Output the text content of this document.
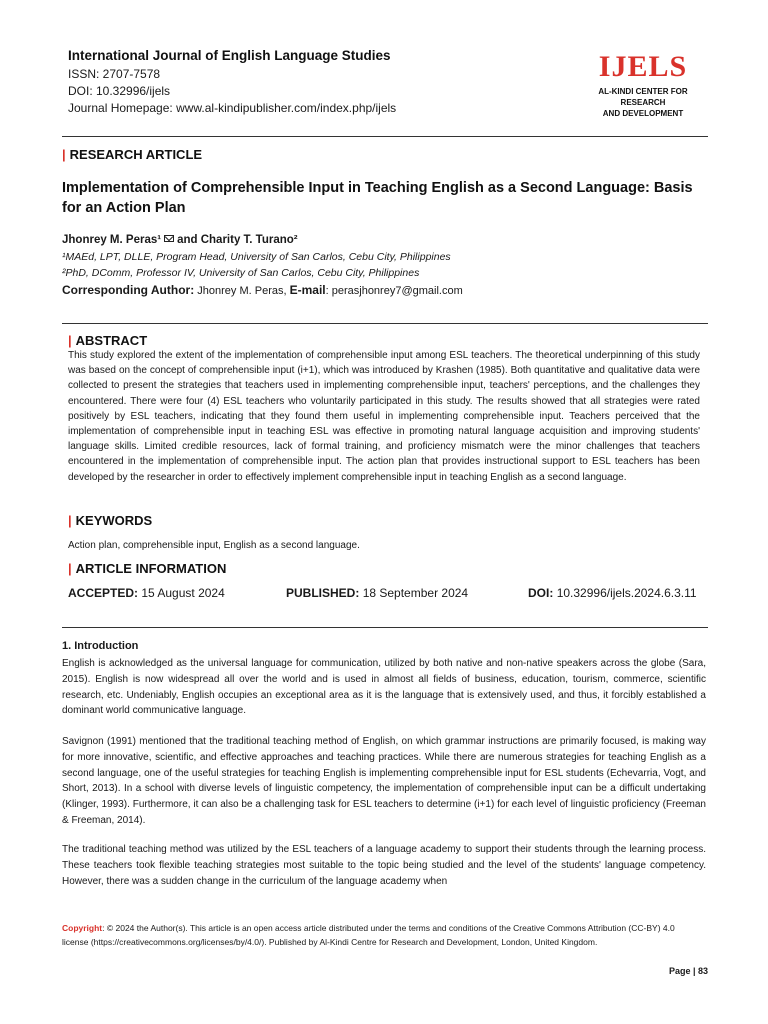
International Journal of English Language Studies
ISSN: 2707-7578
DOI: 10.32996/ijels
Journal Homepage: www.al-kindipublisher.com/index.php/ijels
IJELS
AL-KINDI CENTER FOR RESEARCH
AND DEVELOPMENT
| RESEARCH ARTICLE
Implementation of Comprehensible Input in Teaching English as a Second Language: Basis for an Action Plan
Jhonrey M. Peras¹ and Charity T. Turano²
¹MAEd, LPT, DLLE, Program Head, University of San Carlos, Cebu City, Philippines
²PhD, DComm, Professor IV, University of San Carlos, Cebu City, Philippines
Corresponding Author: Jhonrey M. Peras, E-mail: perasjhonrey7@gmail.com
| ABSTRACT
This study explored the extent of the implementation of comprehensible input among ESL teachers. The theoretical underpinning of this study was based on the concept of comprehensible input (i+1), which was introduced by Krashen (1985). Both quantitative and qualitative data were collected to present the strategies that teachers used in implementing comprehensible input, teachers' perceptions, and the challenges they encountered. There were four (4) ESL teachers who voluntarily participated in this study. The results showed that all strategies were rated positively by ESL teachers, indicating that they found them useful in implementing comprehensible input. Teachers perceived that the implementation of comprehensible input in teaching ESL was effective in promoting natural language acquisition and improving students' language skills. Limited credible resources, lack of formal training, and proficiency mismatch were the minor challenges that teachers encountered in the implementation of comprehensible input. The action plan that provides instructional support to ESL teachers has been developed by the researcher in order to effectively implement comprehensible input in teaching English as a second language.
| KEYWORDS
Action plan, comprehensible input, English as a second language.
| ARTICLE INFORMATION
ACCEPTED: 15 August 2024	PUBLISHED: 18 September 2024	DOI: 10.32996/ijels.2024.6.3.11
1. Introduction
English is acknowledged as the universal language for communication, utilized by both native and non-native speakers across the globe (Sara, 2015). English is now widespread all over the world and is used in almost all fields of business, education, tourism, commerce, scientific research, etc. Undeniably, English occupies an exceptional area as it is the language that is extensively used, and thus, it forcibly established a dominant world communicative language.
Savignon (1991) mentioned that the traditional teaching method of English, on which grammar instructions are primarily focused, is making way for more innovative, scientific, and effective approaches and teaching practices. While there are numerous strategies for teaching English as a second language, one of the useful strategies for teaching English is implementing comprehensible input for ESL students (Echevarria, Vogt, and Short, 2013). In a school with diverse levels of linguistic competency, the implementation of comprehensible input can be a difficult undertaking (Klinger, 1993). Furthermore, it can also be a challenging task for ESL teachers to determine (i+1) for each level of linguistic proficiency (Freeman & Freeman, 2014).
The traditional teaching method was utilized by the ESL teachers of a language academy to support their students through the learning process. These teachers took flexible teaching strategies most suitable to the topic being studied and the level of the students' language competency. However, there was a sudden change in the curriculum of the language academy when
Copyright: © 2024 the Author(s). This article is an open access article distributed under the terms and conditions of the Creative Commons Attribution (CC-BY) 4.0 license (https://creativecommons.org/licenses/by/4.0/). Published by Al-Kindi Centre for Research and Development, London, United Kingdom.
Page | 83
